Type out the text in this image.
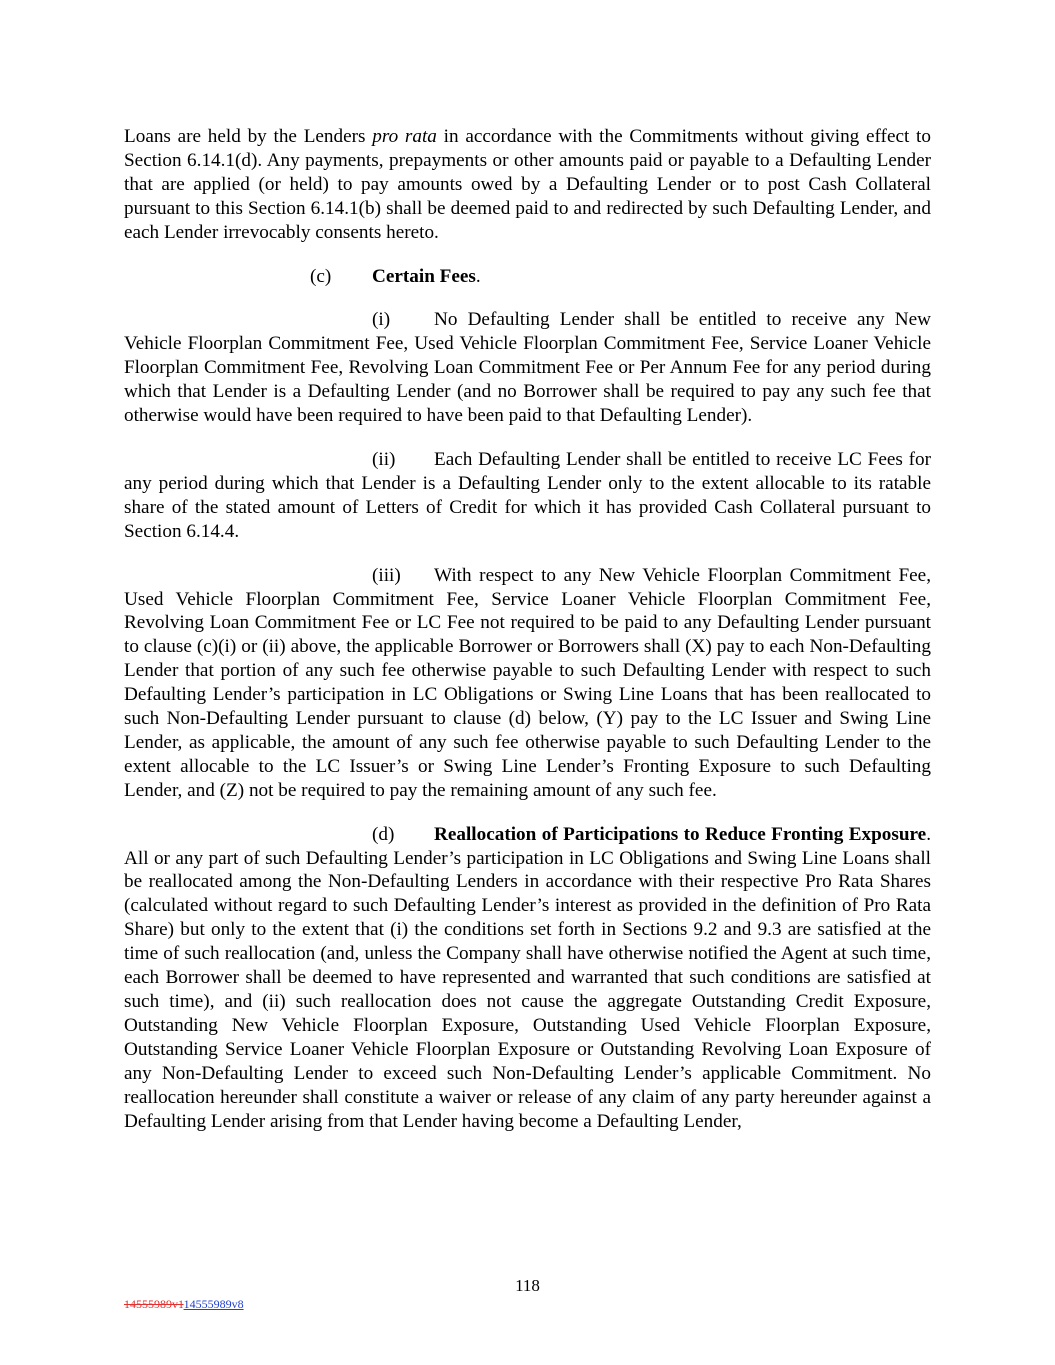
Loans are held by the Lenders pro rata in accordance with the Commitments without giving effect to Section 6.14.1(d). Any payments, prepayments or other amounts paid or payable to a Defaulting Lender that are applied (or held) to pay amounts owed by a Defaulting Lender or to post Cash Collateral pursuant to this Section 6.14.1(b) shall be deemed paid to and redirected by such Defaulting Lender, and each Lender irrevocably consents hereto.

(c) Certain Fees.

(i) No Defaulting Lender shall be entitled to receive any New Vehicle Floorplan Commitment Fee, Used Vehicle Floorplan Commitment Fee, Service Loaner Vehicle Floorplan Commitment Fee, Revolving Loan Commitment Fee or Per Annum Fee for any period during which that Lender is a Defaulting Lender (and no Borrower shall be required to pay any such fee that otherwise would have been required to have been paid to that Defaulting Lender).

(ii) Each Defaulting Lender shall be entitled to receive LC Fees for any period during which that Lender is a Defaulting Lender only to the extent allocable to its ratable share of the stated amount of Letters of Credit for which it has provided Cash Collateral pursuant to Section 6.14.4.

(iii) With respect to any New Vehicle Floorplan Commitment Fee, Used Vehicle Floorplan Commitment Fee, Service Loaner Vehicle Floorplan Commitment Fee, Revolving Loan Commitment Fee or LC Fee not required to be paid to any Defaulting Lender pursuant to clause (c)(i) or (ii) above, the applicable Borrower or Borrowers shall (X) pay to each Non-Defaulting Lender that portion of any such fee otherwise payable to such Defaulting Lender with respect to such Defaulting Lender’s participation in LC Obligations or Swing Line Loans that has been reallocated to such Non-Defaulting Lender pursuant to clause (d) below, (Y) pay to the LC Issuer and Swing Line Lender, as applicable, the amount of any such fee otherwise payable to such Defaulting Lender to the extent allocable to the LC Issuer’s or Swing Line Lender’s Fronting Exposure to such Defaulting Lender, and (Z) not be required to pay the remaining amount of any such fee.

(d) Reallocation of Participations to Reduce Fronting Exposure. All or any part of such Defaulting Lender’s participation in LC Obligations and Swing Line Loans shall be reallocated among the Non-Defaulting Lenders in accordance with their respective Pro Rata Shares (calculated without regard to such Defaulting Lender’s interest as provided in the definition of Pro Rata Share) but only to the extent that (i) the conditions set forth in Sections 9.2 and 9.3 are satisfied at the time of such reallocation (and, unless the Company shall have otherwise notified the Agent at such time, each Borrower shall be deemed to have represented and warranted that such conditions are satisfied at such time), and (ii) such reallocation does not cause the aggregate Outstanding Credit Exposure, Outstanding New Vehicle Floorplan Exposure, Outstanding Used Vehicle Floorplan Exposure, Outstanding Service Loaner Vehicle Floorplan Exposure or Outstanding Revolving Loan Exposure of any Non-Defaulting Lender to exceed such Non-Defaulting Lender’s applicable Commitment. No reallocation hereunder shall constitute a waiver or release of any claim of any party hereunder against a Defaulting Lender arising from that Lender having become a Defaulting Lender,

118
14555989v114555989v8
